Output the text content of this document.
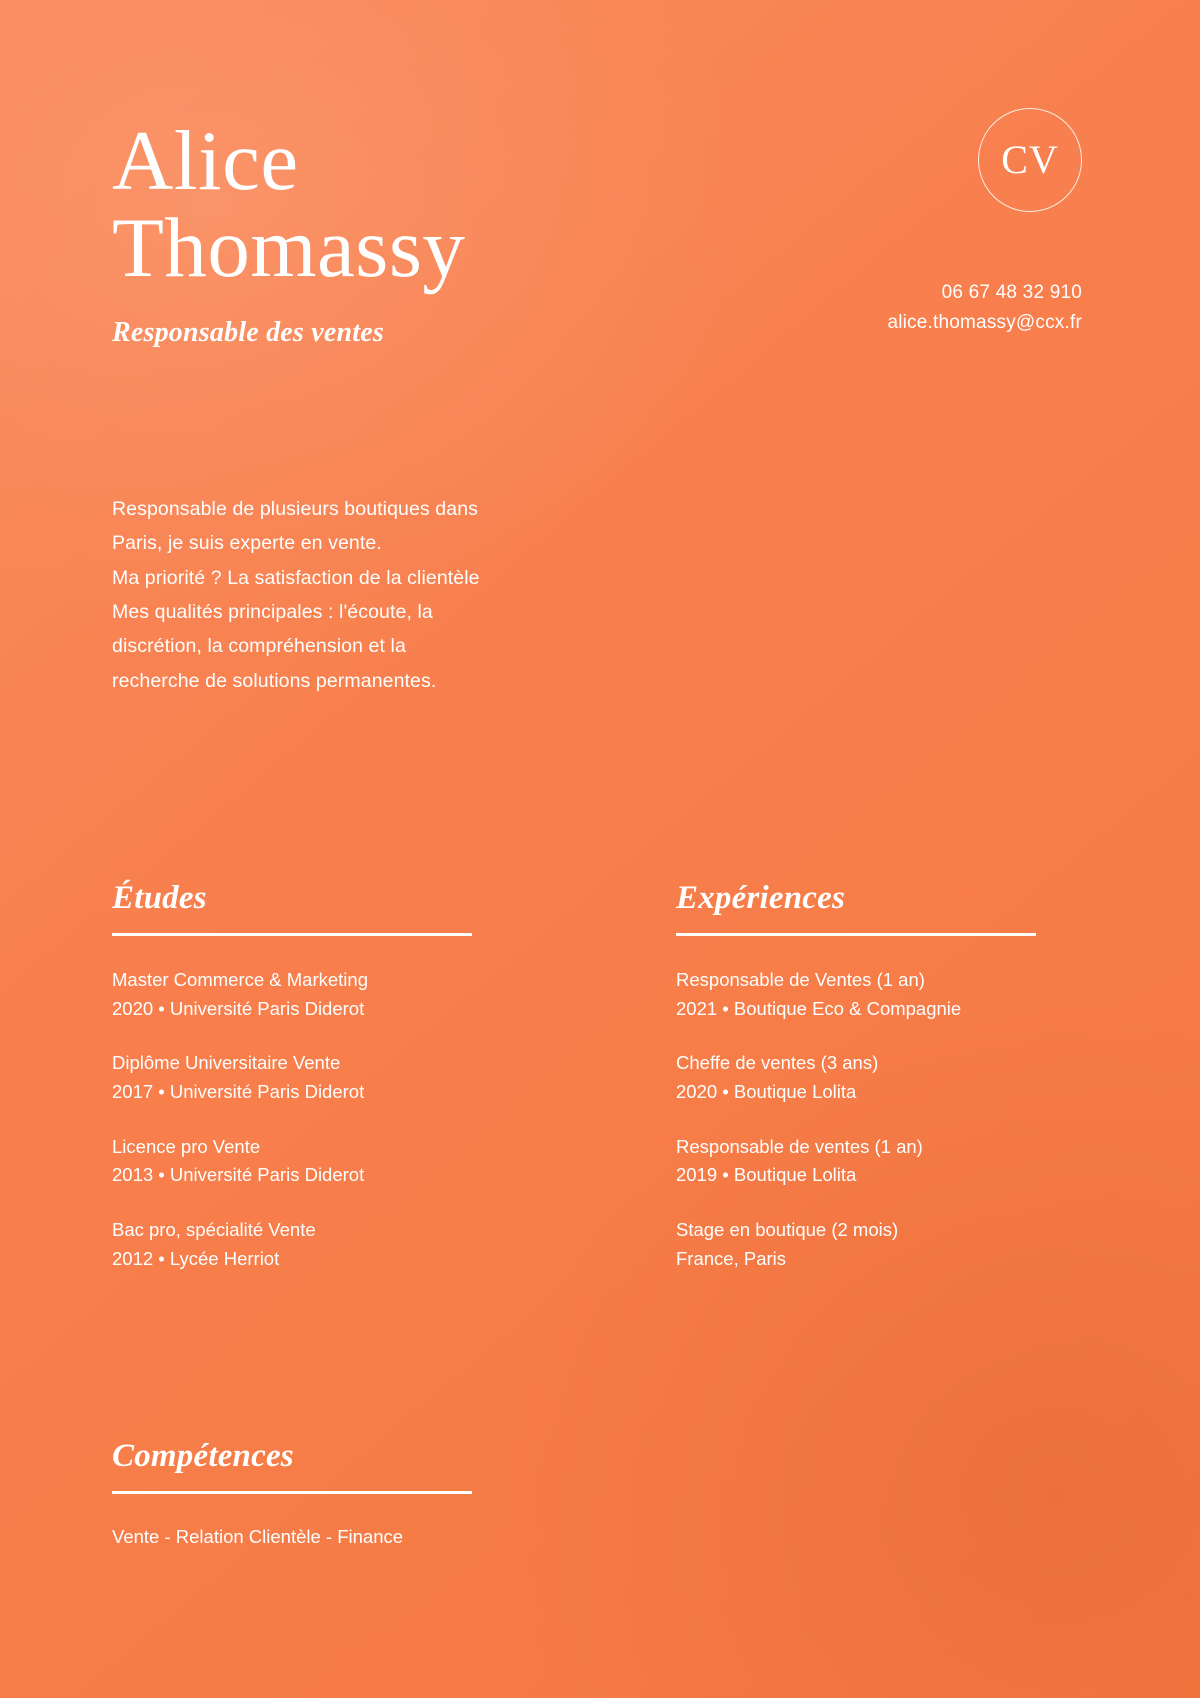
Alice
Thomassy
Responsable des ventes
CV
06 67 48 32 910
alice.thomassy@ccx.fr

Responsable de plusieurs boutiques dans

Paris, je suis experte en vente.

Ma priorité ? La satisfaction de la clientèle

Mes qualités principales : l'écoute, la

discrétion, la compréhension et la

recherche de solutions permanentes.

Études
Master Commerce & Marketing
2020 • Université Paris Diderot
Diplôme Universitaire Vente
2017 • Université Paris Diderot
Licence pro Vente
2013 • Université Paris Diderot
Bac pro, spécialité Vente
2012 • Lycée Herriot
Expériences
Responsable de Ventes (1 an)
2021 • Boutique Eco & Compagnie
Cheffe de ventes (3 ans)
2020 • Boutique Lolita
Responsable de ventes (1 an)
2019 • Boutique Lolita
Stage en boutique (2 mois)
France, Paris
Compétences
Vente - Relation Clientèle - Finance
